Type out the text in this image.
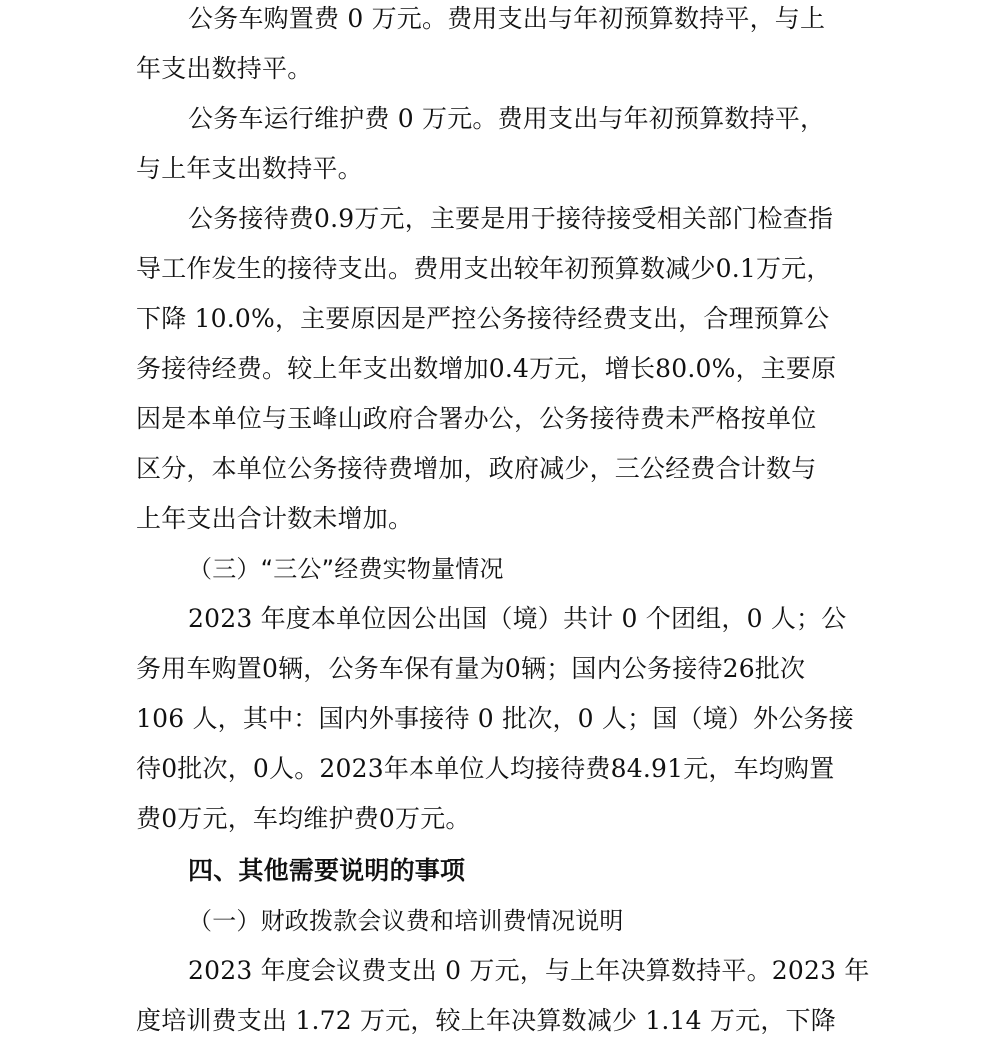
公务车购置费 0 万元。费用支出与年初预算数持平，与上
年支出数持平。
公务车运行维护费 0 万元。费用支出与年初预算数持平，
与上年支出数持平。
公务接待费0.9万元，主要是用于接待接受相关部门检查指
导工作发生的接待支出。费用支出较年初预算数减少0.1万元，
下降 10.0%，主要原因是严控公务接待经费支出，合理预算公
务接待经费。较上年支出数增加0.4万元，增长80.0%，主要原
因是本单位与玉峰山政府合署办公，公务接待费未严格按单位
区分，本单位公务接待费增加，政府减少，三公经费合计数与
上年支出合计数未增加。
（三）“三公”经费实物量情况
2023 年度本单位因公出国（境）共计 0 个团组，0 人；公
务用车购置0辆，公务车保有量为0辆；国内公务接待26批次
106 人，其中：国内外事接待 0 批次，0 人；国（境）外公务接
待0批次，0人。2023年本单位人均接待费84.91元，车均购置
费0万元，车均维护费0万元。
四、其他需要说明的事项
（一）财政拨款会议费和培训费情况说明
2023 年度会议费支出 0 万元，与上年决算数持平。2023 年
度培训费支出 1.72 万元，较上年决算数减少 1.14 万元，下降
